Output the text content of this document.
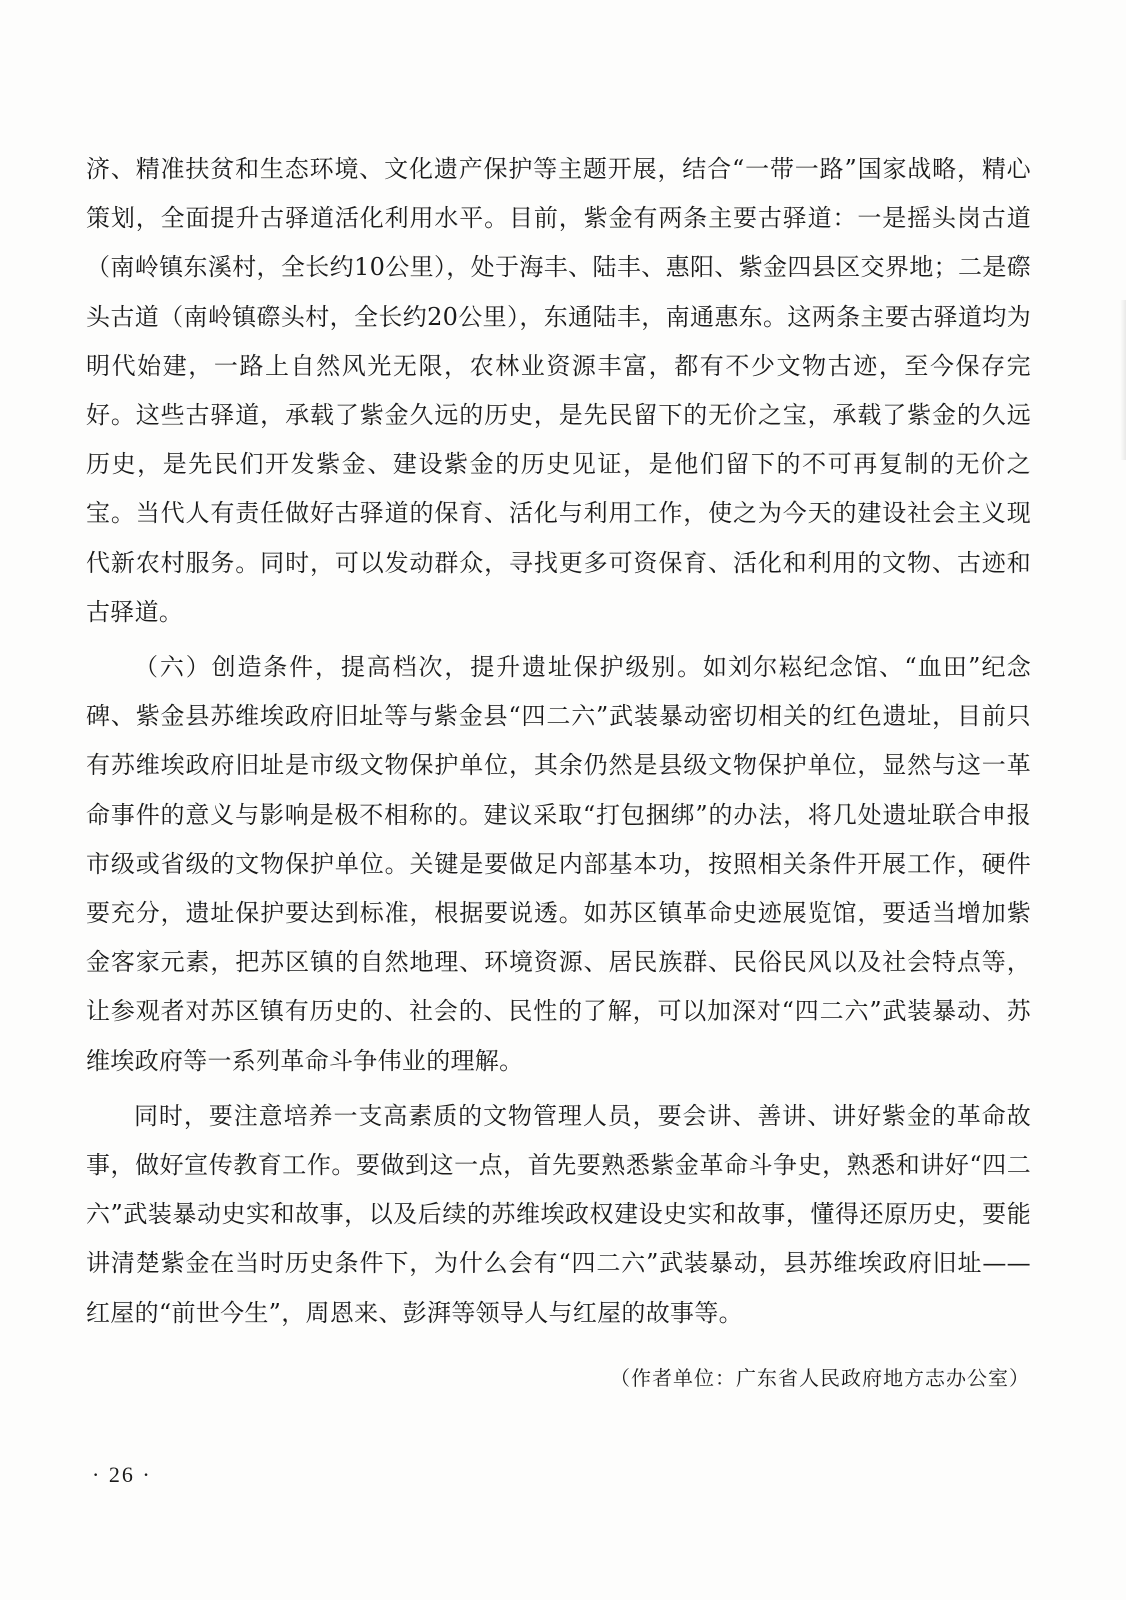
济、精准扶贫和生态环境、文化遗产保护等主题开展，结合“一带一路”国家战略，精心策划，全面提升古驿道活化利用水平。目前，紫金有两条主要古驿道：一是摇头岗古道（南岭镇东溪村，全长约10公里），处于海丰、陆丰、惠阳、紫金四县区交界地；二是磜头古道（南岭镇磜头村，全长约20公里），东通陆丰，南通惠东。这两条主要古驿道均为明代始建，一路上自然风光无限，农林业资源丰富，都有不少文物古迹，至今保存完好。这些古驿道，承载了紫金久远的历史，是先民留下的无价之宝，承载了紫金的久远历史，是先民们开发紫金、建设紫金的历史见证，是他们留下的不可再复制的无价之宝。当代人有责任做好古驿道的保育、活化与利用工作，使之为今天的建设社会主义现代新农村服务。同时，可以发动群众，寻找更多可资保育、活化和利用的文物、古迹和古驿道。

（六）创造条件，提高档次，提升遗址保护级别。如刘尔崧纪念馆、“血田”纪念碑、紫金县苏维埃政府旧址等与紫金县“四二六”武装暴动密切相关的红色遗址，目前只有苏维埃政府旧址是市级文物保护单位，其余仍然是县级文物保护单位，显然与这一革命事件的意义与影响是极不相称的。建议采取“打包捆绑”的办法，将几处遗址联合申报市级或省级的文物保护单位。关键是要做足内部基本功，按照相关条件开展工作，硬件要充分，遗址保护要达到标准，根据要说透。如苏区镇革命史迹展览馆，要适当增加紫金客家元素，把苏区镇的自然地理、环境资源、居民族群、民俗民风以及社会特点等，让参观者对苏区镇有历史的、社会的、民性的了解，可以加深对“四二六”武装暴动、苏维埃政府等一系列革命斗争伟业的理解。

同时，要注意培养一支高素质的文物管理人员，要会讲、善讲、讲好紫金的革命故事，做好宣传教育工作。要做到这一点，首先要熟悉紫金革命斗争史，熟悉和讲好“四二六”武装暴动史实和故事，以及后续的苏维埃政权建设史实和故事，懂得还原历史，要能讲清楚紫金在当时历史条件下，为什么会有“四二六”武装暴动，县苏维埃政府旧址——红屋的“前世今生”，周恩来、彭湃等领导人与红屋的故事等。

（作者单位：广东省人民政府地方志办公室）
· 26 ·
